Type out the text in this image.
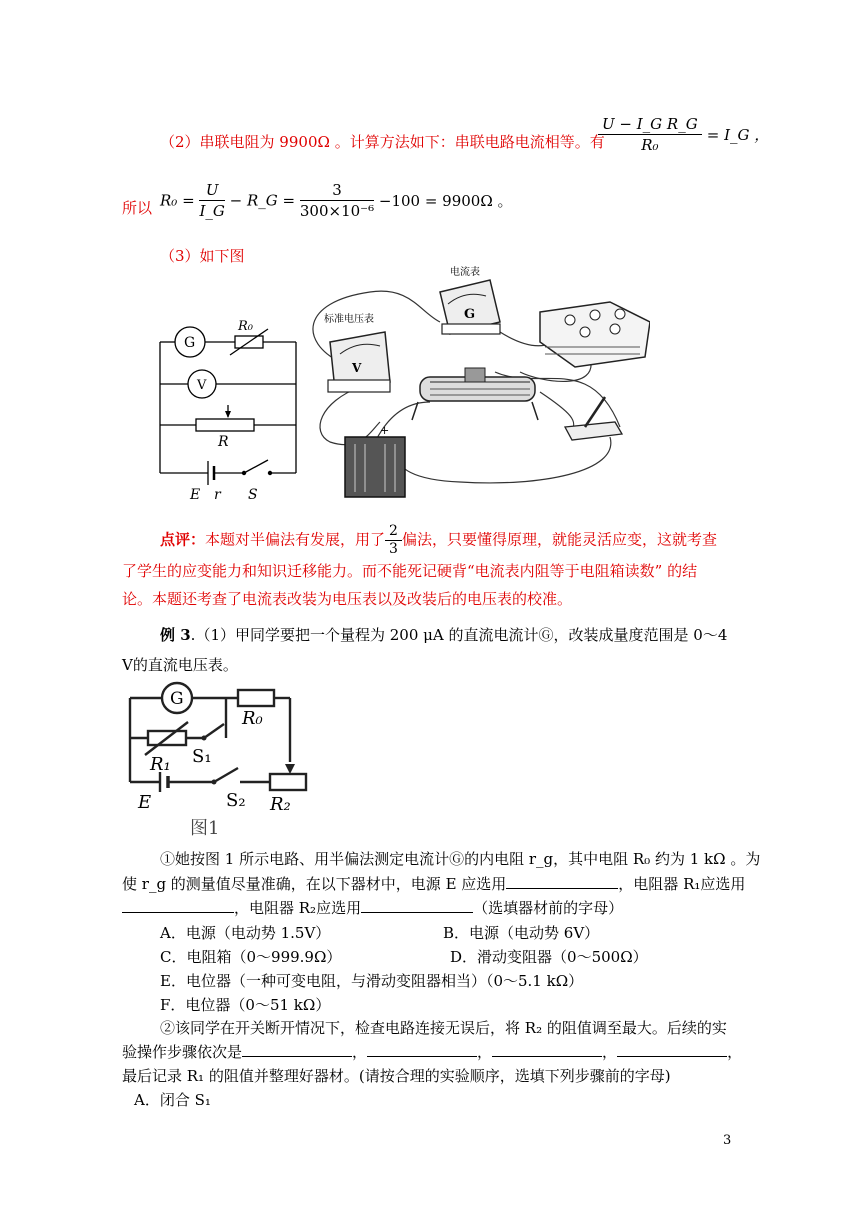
（2）串联电阻为 9900Ω 。计算方法如下：串联电路电流相等。有
$\frac{\text{U − I\_G R\_G}}{\text{R₀}}$ = I_G ，
所以 $R_0 = \frac{U}{I\_G}$ − R_G = $\frac{3}{\text{300×10⁻⁶}} -100 = 9900\Omega$ 。
（3）如下图
G
V
R₀
R
E r S
G
电流表
V
标准电压表
+
点评：本题对半偏法有发展，用了 $\frac{2}{3}$ 偏法，只要懂得原理，就能灵活应变，这就考查
了学生的应变能力和知识迁移能力。而不能死记硬背“电流表内阻等于电阻箱读数” 的结
论。本题还考查了电流表改装为电压表以及改装后的电压表的校准。
例 3.（1）甲同学要把一个量程为 200 μA 的直流电流计Ⓖ，改装成量度范围是 0～4
V的直流电压表。
G
R₀
R₁ S₁
E	S₂ R₂
图1
①她按图 1 所示电路、用半偏法测定电流计Ⓖ的内电阻 r_g，其中电阻 R₀ 约为 1 kΩ 。为
使 r_g 的测量值尽量准确，在以下器材中，电源 E 应选用	，电阻器 R₁应选用
，电阻器 R₂应选用	（选填器材前的字母）
A．电源（电动势 1.5V）	B．电源（电动势 6V）
C．电阻箱（0～999.9Ω）	D．滑动变阻器（0～500Ω）
E．电位器（一种可变电阻，与滑动变阻器相当）（0～5.1 kΩ）
F．电位器（0～51 kΩ）
②该同学在开关断开情况下，检查电路连接无误后，将 R₂ 的阻值调至最大。后续的实
验操作步骤依次是	，	，	，	，
最后记录 R₁ 的阻值并整理好器材。(请按合理的实验顺序，选填下列步骤前的字母)
A．闭合 S₁
3
